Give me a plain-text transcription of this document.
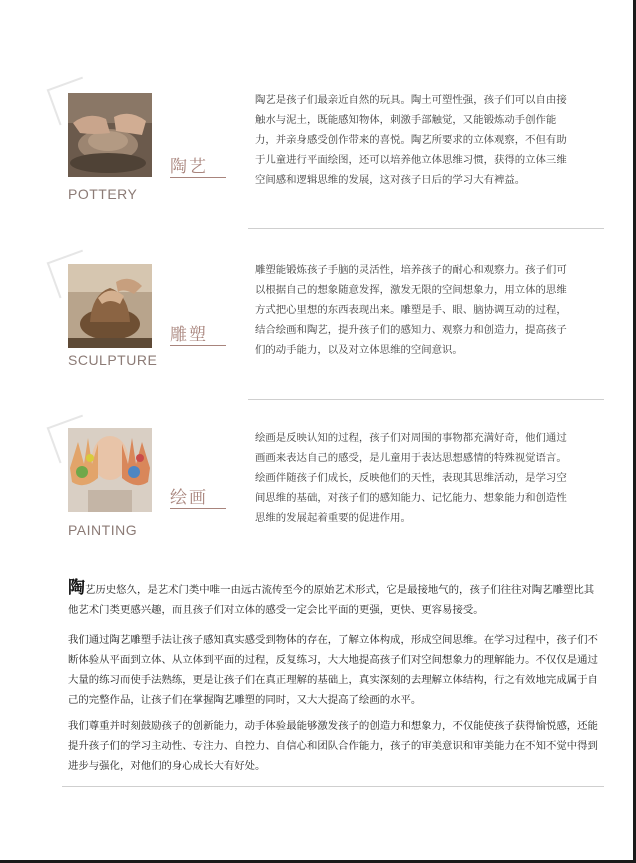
陶艺
POTTERY
陶艺是孩子们最亲近自然的玩具。陶土可塑性强，孩子们可以自由接触水与泥土，既能感知物体，刺激手部触觉，又能锻炼动手创作能力，并亲身感受创作带来的喜悦。陶艺所要求的立体观察，不但有助于儿童进行平面绘图，还可以培养他立体思维习惯，获得的立体三维空间感和逻辑思维的发展，这对孩子日后的学习大有裨益。
雕塑
SCULPTURE
雕塑能锻炼孩子手脑的灵活性，培养孩子的耐心和观察力。孩子们可以根据自己的想象随意发挥，激发无限的空间想象力，用立体的思维方式把心里想的东西表现出来。雕塑是手、眼、脑协调互动的过程，结合绘画和陶艺，提升孩子们的感知力、观察力和创造力，提高孩子们的动手能力，以及对立体思维的空间意识。
绘画
PAINTING
绘画是反映认知的过程，孩子们对周围的事物都充满好奇，他们通过画画来表达自己的感受，是儿童用于表达思想感情的特殊视觉语言。绘画伴随孩子们成长，反映他们的天性，表现其思维活动，是学习空间思维的基础，对孩子们的感知能力、记忆能力、想象能力和创造性思维的发展起着重要的促进作用。
陶艺历史悠久，是艺术门类中唯一由远古流传至今的原始艺术形式，它是最接地气的，孩子们往往对陶艺雕塑比其他艺术门类更感兴趣，而且孩子们对立体的感受一定会比平面的更强，更快、更容易接受。
我们通过陶艺雕塑手法让孩子感知真实感受到物体的存在，了解立体构成，形成空间思维。在学习过程中，孩子们不断体验从平面到立体、从立体到平面的过程，反复练习，大大地提高孩子们对空间想象力的理解能力。不仅仅是通过大量的练习而使手法熟练，更是让孩子们在真正理解的基础上，真实深刻的去理解立体结构，行之有效地完成属于自己的完整作品，让孩子们在掌握陶艺雕塑的同时，又大大提高了绘画的水平。
我们尊重并时刻鼓励孩子的创新能力，动手体验最能够激发孩子的创造力和想象力，不仅能使孩子获得愉悦感，还能提升孩子们的学习主动性、专注力、自控力、自信心和团队合作能力，孩子的审美意识和审美能力在不知不觉中得到进步与强化，对他们的身心成长大有好处。
